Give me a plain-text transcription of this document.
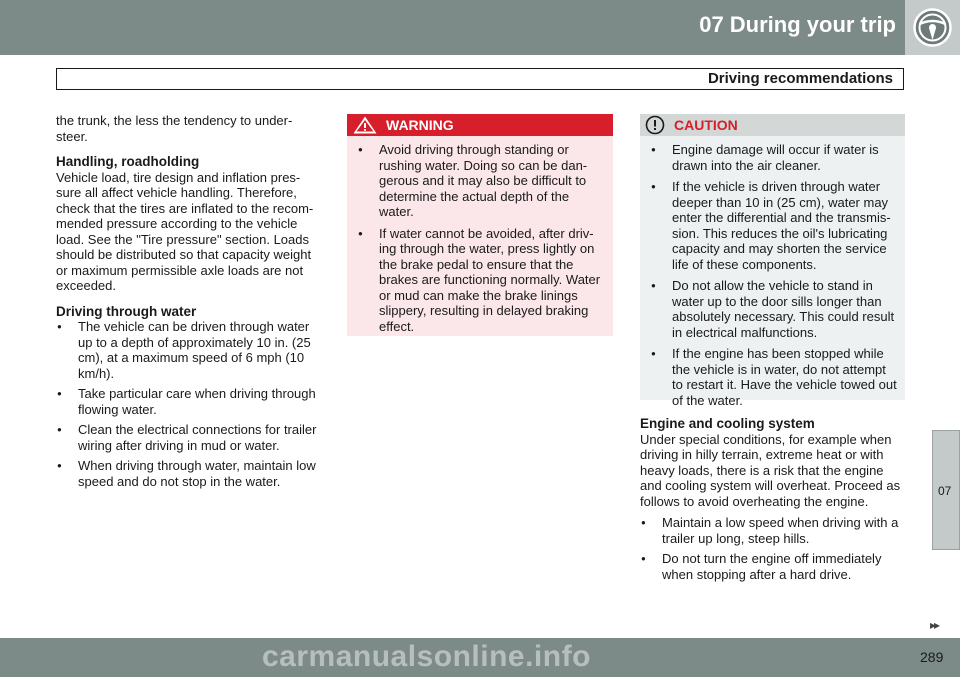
07 During your trip
Driving recommendations

the trunk, the less the tendency to under-steer.

Handling, roadholding

Vehicle load, tire design and inflation pres-sure all affect vehicle handling. Therefore, check that the tires are inflated to the recom-mended pressure according to the vehicle load. See the "Tire pressure" section. Loads should be distributed so that capacity weight or maximum permissible axle loads are not exceeded.

Driving through water
● The vehicle can be driven through water up to a depth of approximately 10 in. (25 cm), at a maximum speed of 6 mph (10 km/h).
● Take particular care when driving through flowing water.
● Clean the electrical connections for trailer wiring after driving in mud or water.
● When driving through water, maintain low speed and do not stop in the water.
WARNING
● Avoid driving through standing or rushing water. Doing so can be dan-gerous and it may also be difficult to determine the actual depth of the water.
● If water cannot be avoided, after driv-ing through the water, press lightly on the brake pedal to ensure that the brakes are functioning normally. Water or mud can make the brake linings slippery, resulting in delayed braking effect.
CAUTION
● Engine damage will occur if water is drawn into the air cleaner.
● If the vehicle is driven through water deeper than 10 in (25 cm), water may enter the differential and the transmis-sion. This reduces the oil's lubricating capacity and may shorten the service life of these components.
● Do not allow the vehicle to stand in water up to the door sills longer than absolutely necessary. This could result in electrical malfunctions.
● If the engine has been stopped while the vehicle is in water, do not attempt to restart it. Have the vehicle towed out of the water.
Engine and cooling system

Under special conditions, for example when driving in hilly terrain, extreme heat or with heavy loads, there is a risk that the engine and cooling system will overheat. Proceed as follows to avoid overheating the engine.

● Maintain a low speed when driving with a trailer up long, steep hills.
● Do not turn the engine off immediately when stopping after a hard drive.
07
▸▸
carmanualsonline.info	289
